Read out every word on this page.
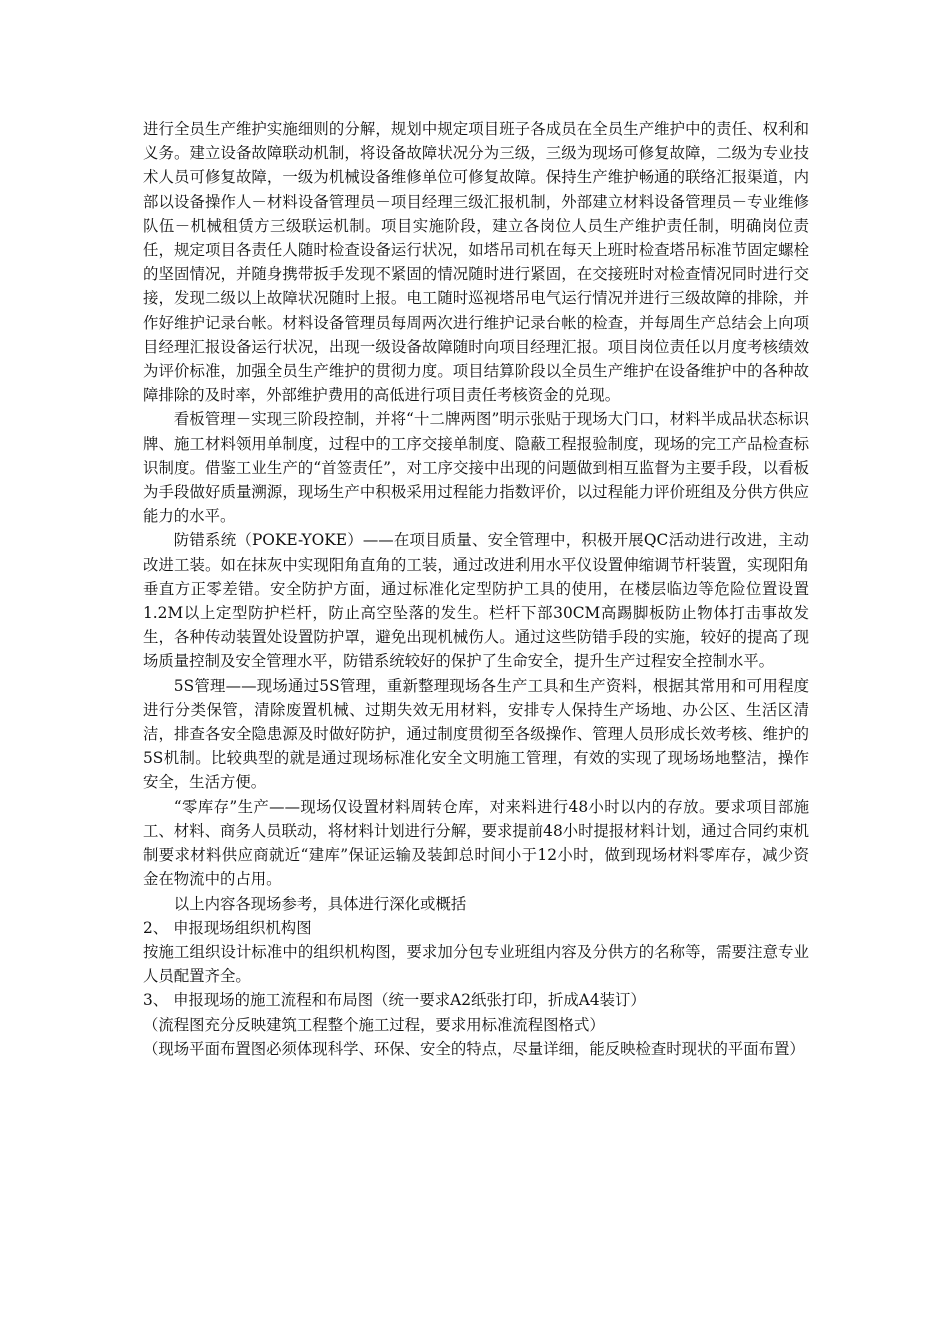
进行全员生产维护实施细则的分解，规划中规定项目班子各成员在全员生产维护中的责任、权利和义务。建立设备故障联动机制，将设备故障状况分为三级，三级为现场可修复故障，二级为专业技术人员可修复故障，一级为机械设备维修单位可修复故障。保持生产维护畅通的联络汇报渠道，内部以设备操作人－材料设备管理员－项目经理三级汇报机制，外部建立材料设备管理员－专业维修队伍－机械租赁方三级联运机制。项目实施阶段，建立各岗位人员生产维护责任制，明确岗位责任，规定项目各责任人随时检查设备运行状况，如塔吊司机在每天上班时检查塔吊标准节固定螺栓的坚固情况，并随身携带扳手发现不紧固的情况随时进行紧固，在交接班时对检查情况同时进行交接，发现二级以上故障状况随时上报。电工随时巡视塔吊电气运行情况并进行三级故障的排除，并作好维护记录台帐。材料设备管理员每周两次进行维护记录台帐的检查，并每周生产总结会上向项目经理汇报设备运行状况，出现一级设备故障随时向项目经理汇报。项目岗位责任以月度考核绩效为评价标准，加强全员生产维护的贯彻力度。项目结算阶段以全员生产维护在设备维护中的各种故障排除的及时率，外部维护费用的高低进行项目责任考核资金的兑现。

看板管理－实现三阶段控制，并将“十二牌两图”明示张贴于现场大门口，材料半成品状态标识牌、施工材料领用单制度，过程中的工序交接单制度、隐蔽工程报验制度，现场的完工产品检查标识制度。借鉴工业生产的“首签责任”，对工序交接中出现的问题做到相互监督为主要手段，以看板为手段做好质量溯源，现场生产中积极采用过程能力指数评价，以过程能力评价班组及分供方供应能力的水平。

防错系统（POKE-YOKE）——在项目质量、安全管理中，积极开展QC活动进行改进，主动改进工装。如在抹灰中实现阳角直角的工装，通过改进利用水平仪设置伸缩调节杆装置，实现阳角垂直方正零差错。安全防护方面，通过标准化定型防护工具的使用，在楼层临边等危险位置设置1.2M以上定型防护栏杆，防止高空坠落的发生。栏杆下部30CM高踢脚板防止物体打击事故发生，各种传动装置处设置防护罩，避免出现机械伤人。通过这些防错手段的实施，较好的提高了现场质量控制及安全管理水平，防错系统较好的保护了生命安全，提升生产过程安全控制水平。

5S管理——现场通过5S管理，重新整理现场各生产工具和生产资料，根据其常用和可用程度进行分类保管，清除废置机械、过期失效无用材料，安排专人保持生产场地、办公区、生活区清洁，排查各安全隐患源及时做好防护，通过制度贯彻至各级操作、管理人员形成长效考核、维护的5S机制。比较典型的就是通过现场标准化安全文明施工管理，有效的实现了现场场地整洁，操作安全，生活方便。

“零库存”生产——现场仅设置材料周转仓库，对来料进行48小时以内的存放。要求项目部施工、材料、商务人员联动，将材料计划进行分解，要求提前48小时提报材料计划，通过合同约束机制要求材料供应商就近“建库”保证运输及装卸总时间小于12小时，做到现场材料零库存，减少资金在物流中的占用。

以上内容各现场参考，具体进行深化或概括

2、 申报现场组织机构图

按施工组织设计标准中的组织机构图，要求加分包专业班组内容及分供方的名称等，需要注意专业人员配置齐全。

3、 申报现场的施工流程和布局图（统一要求A2纸张打印，折成A4装订）

（流程图充分反映建筑工程整个施工过程，要求用标准流程图格式）

（现场平面布置图必须体现科学、环保、安全的特点，尽量详细，能反映检查时现状的平面布置）
